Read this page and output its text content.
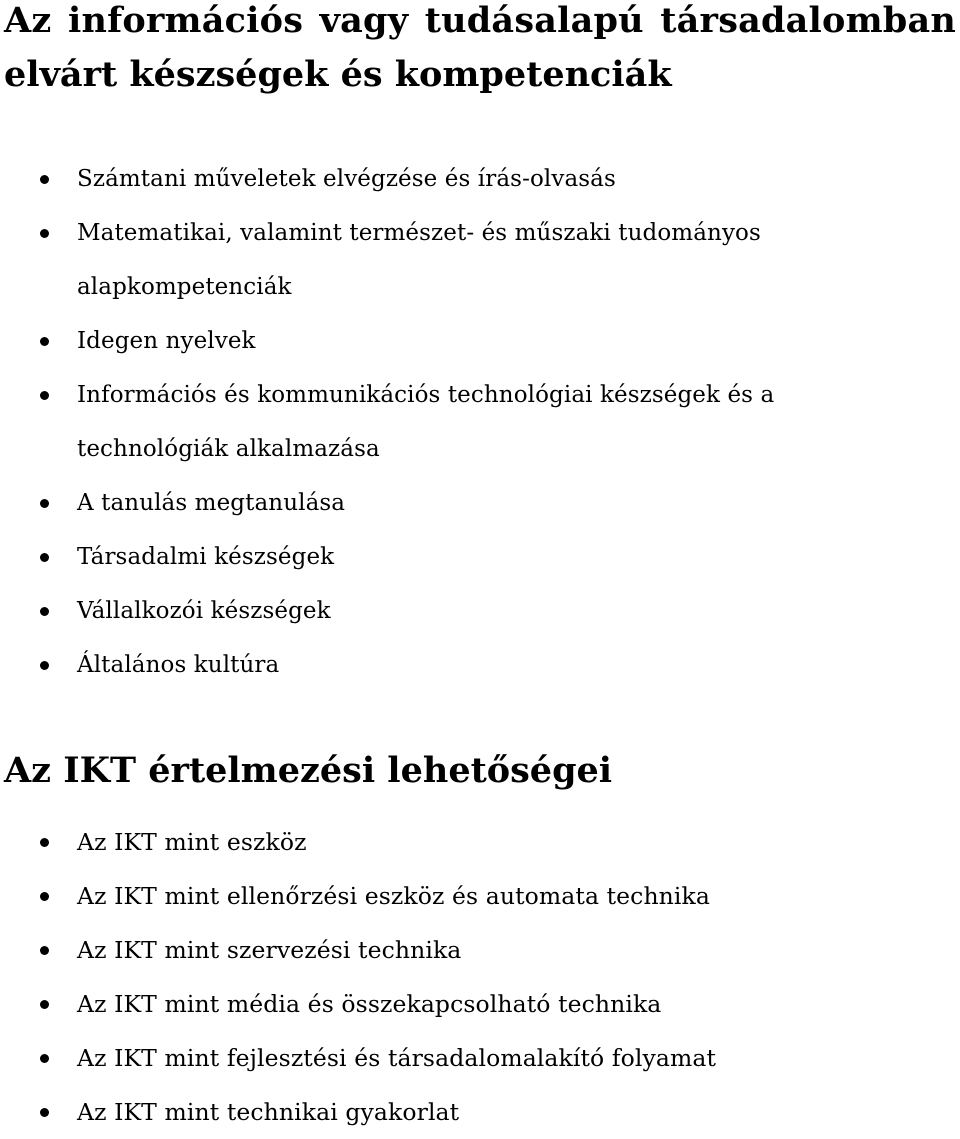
Az információs vagy tudásalapú társadalomban
elvárt készségek és kompetenciák
Számtani műveletek elvégzése és írás-olvasás
Matematikai, valamint természet- és műszaki tudományos alapkompetenciák
Idegen nyelvek
Információs és kommunikációs technológiai készségek és a technológiák alkalmazása
A tanulás megtanulása
Társadalmi készségek
Vállalkozói készségek
Általános kultúra
Az IKT értelmezési lehetőségei
Az IKT mint eszköz
Az IKT mint ellenőrzési eszköz és automata technika
Az IKT mint szervezési technika
Az IKT mint média és összekapcsolható technika
Az IKT mint fejlesztési és társadalomalakító folyamat
Az IKT mint technikai gyakorlat
